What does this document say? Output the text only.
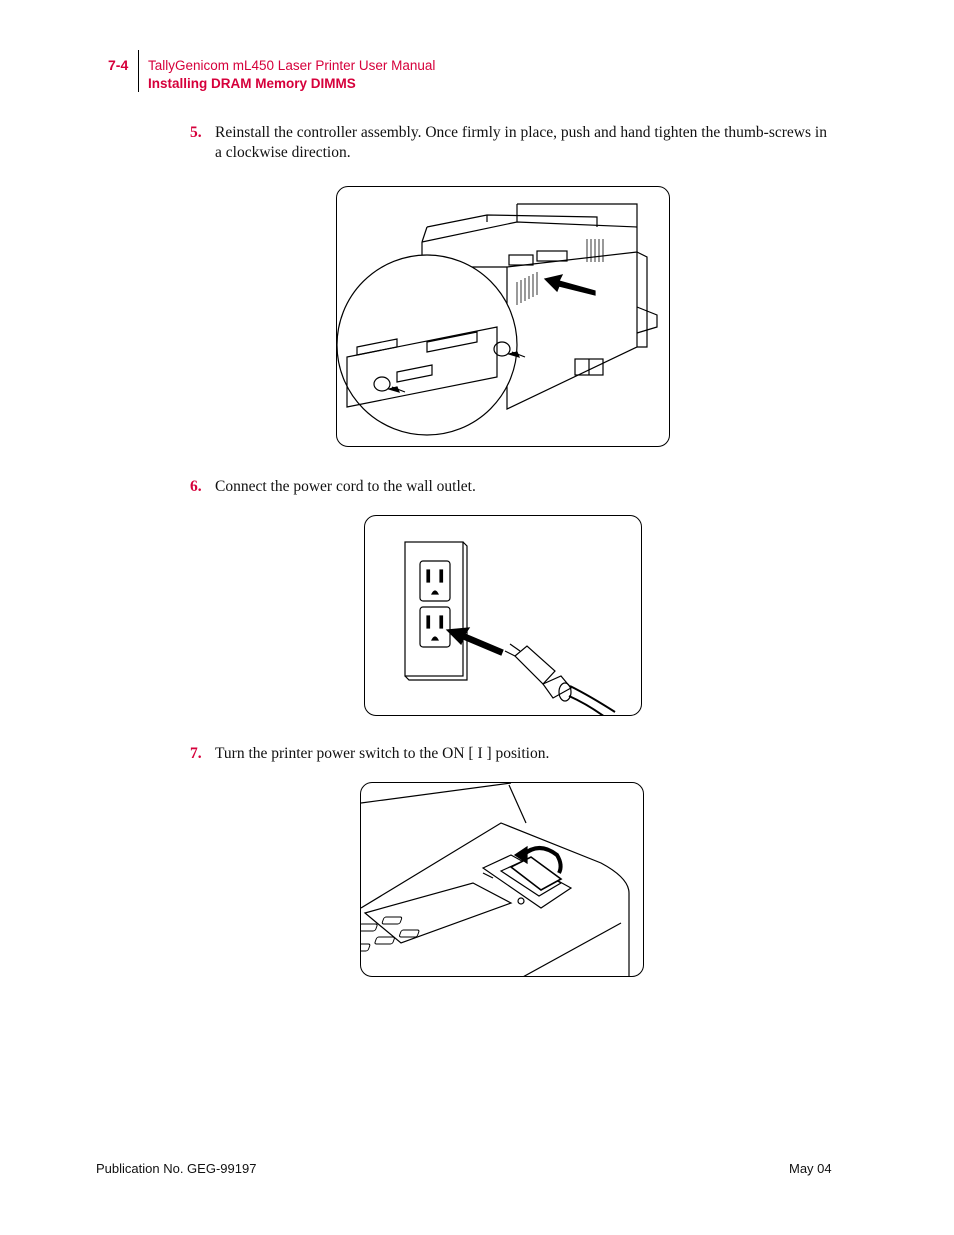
7-4 TallyGenicom mL450 Laser Printer User Manual
Installing DRAM Memory DIMMS
5. Reinstall the controller assembly. Once firmly in place, push and hand tighten the thumb-screws in a clockwise direction.
6. Connect the power cord to the wall outlet.
7. Turn the printer power switch to the ON [ I ] position.
Publication No. GEG-99197	May 04
